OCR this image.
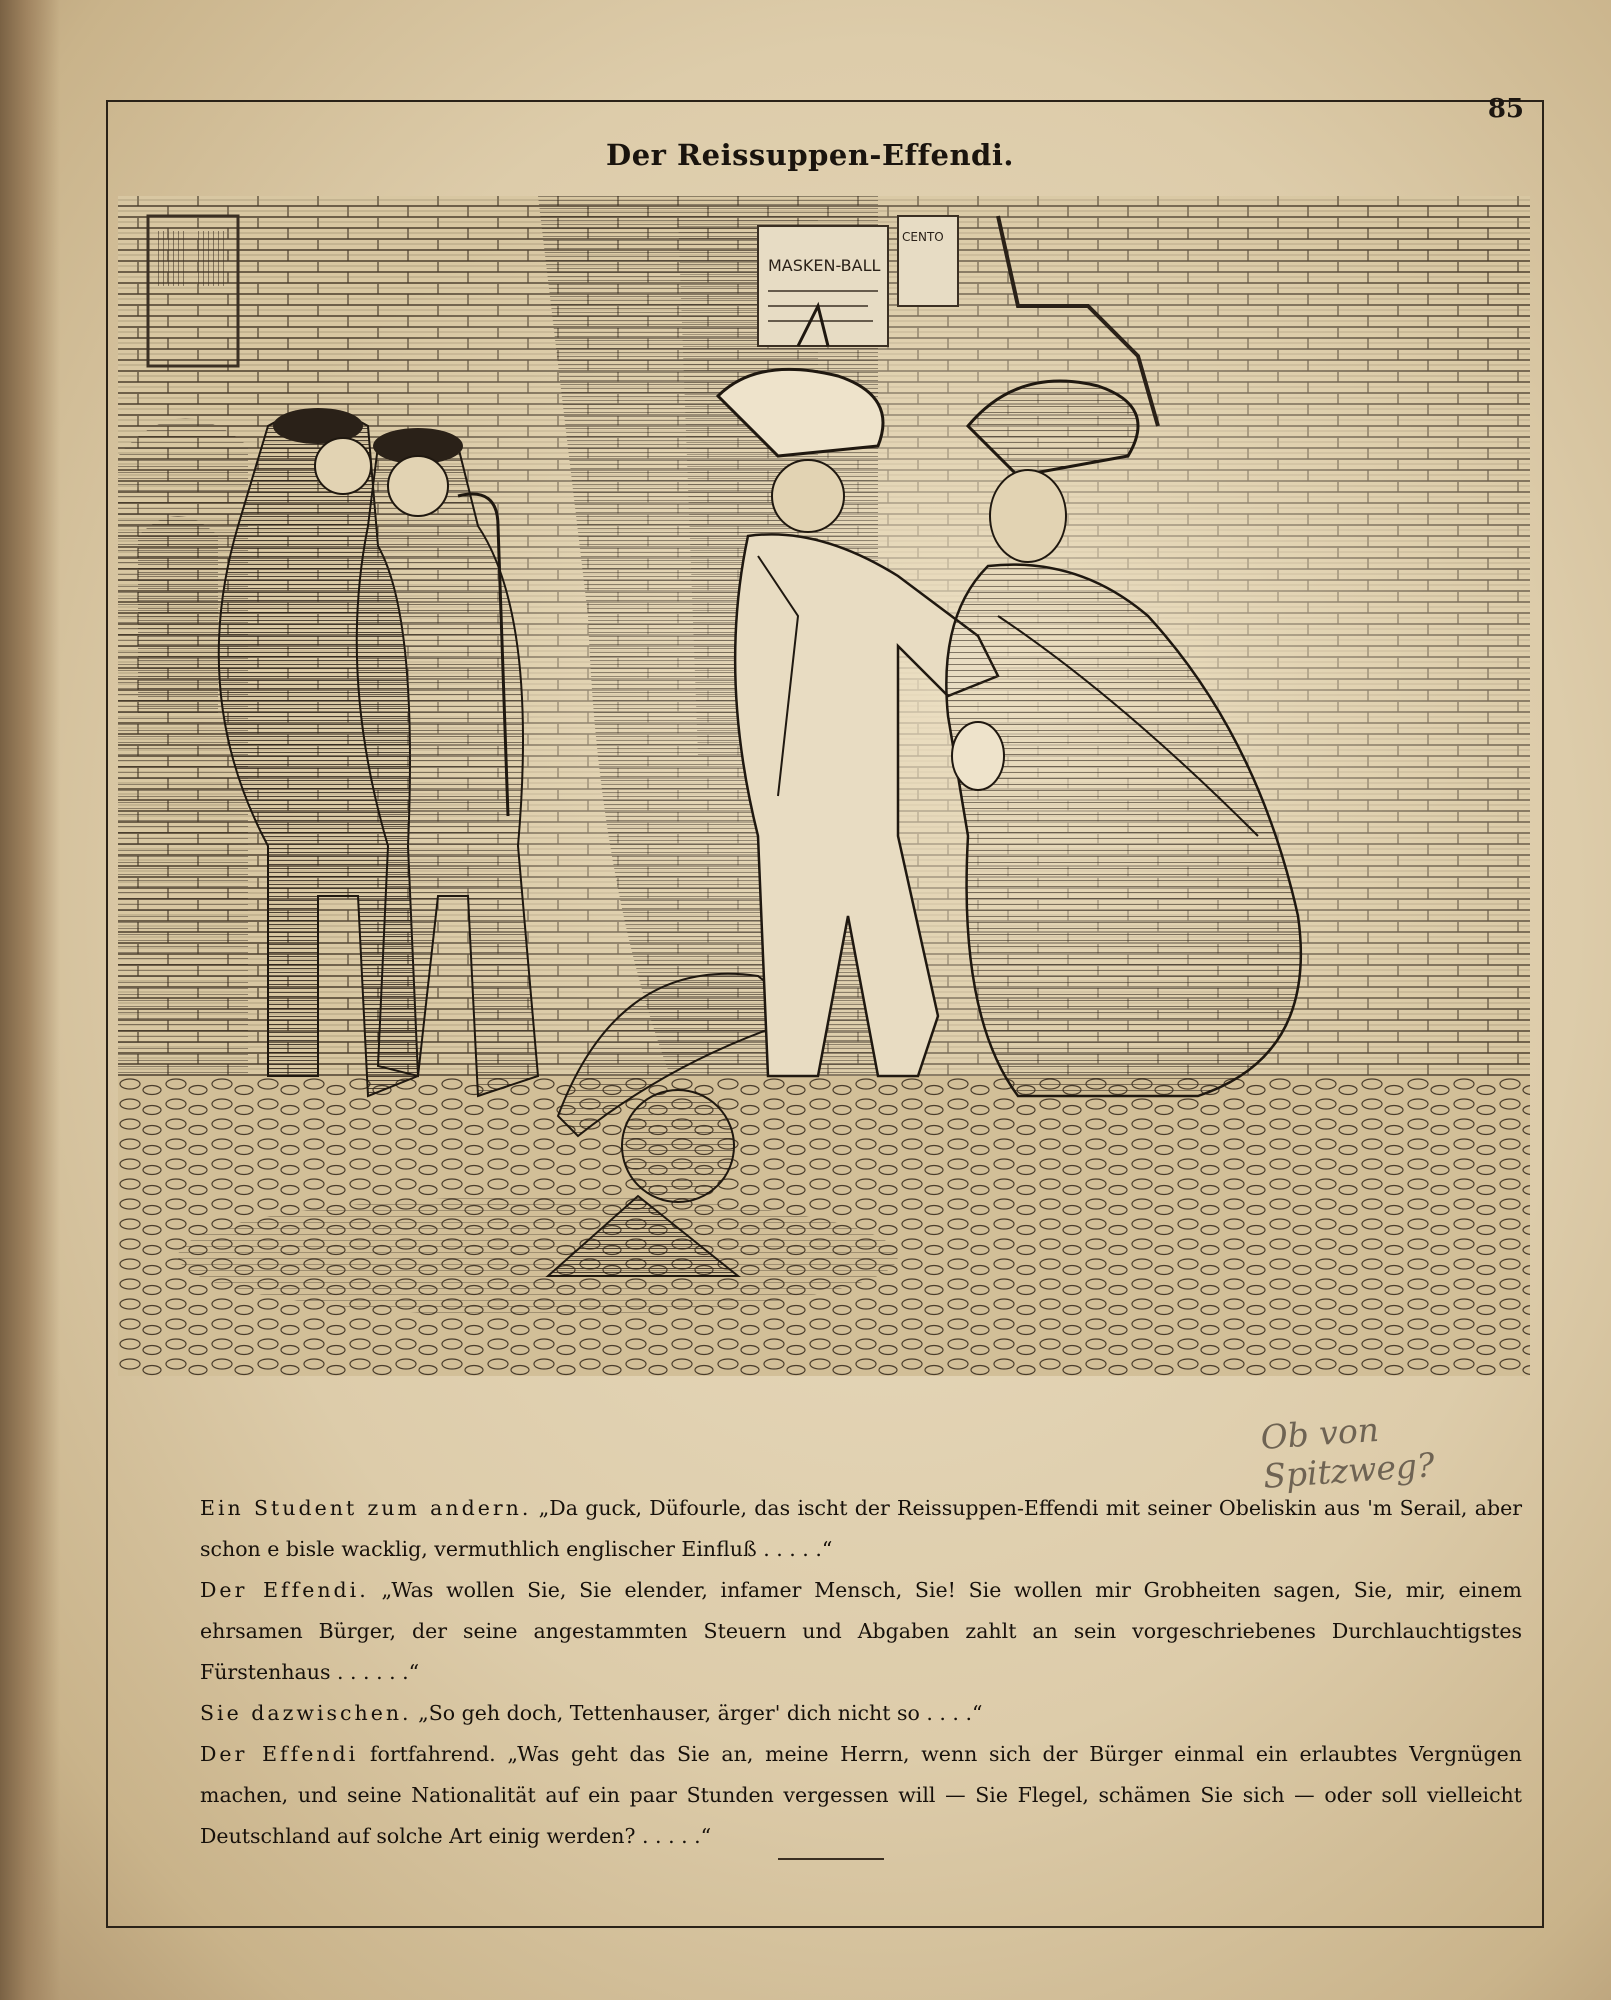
85
Der Reissuppen-Effendi.
MASKEN-BALL
CENTO
Ob von Spitzweg?

Ein Student zum andern. „Da guck, Düfourle, das ischt der Reissuppen-Effendi mit seiner Obeliskin aus 'm Serail, aber schon e bisle wacklig, vermuthlich englischer Einfluß . . . . .“

Der Effendi. „Was wollen Sie, Sie elender, infamer Mensch, Sie! Sie wollen mir Grobheiten sagen, Sie, mir, einem ehrsamen Bürger, der seine angestammten Steuern und Abgaben zahlt an sein vorgeschriebenes Durchlauchtigstes Fürstenhaus . . . . . .“

Sie dazwischen. „So geh doch, Tettenhauser, ärger' dich nicht so . . . .“

Der Effendi fortfahrend. „Was geht das Sie an, meine Herrn, wenn sich der Bürger einmal ein erlaubtes Vergnügen machen, und seine Nationalität auf ein paar Stunden vergessen will — Sie Flegel, schämen Sie sich — oder soll vielleicht Deutschland auf solche Art einig werden? . . . . .“
